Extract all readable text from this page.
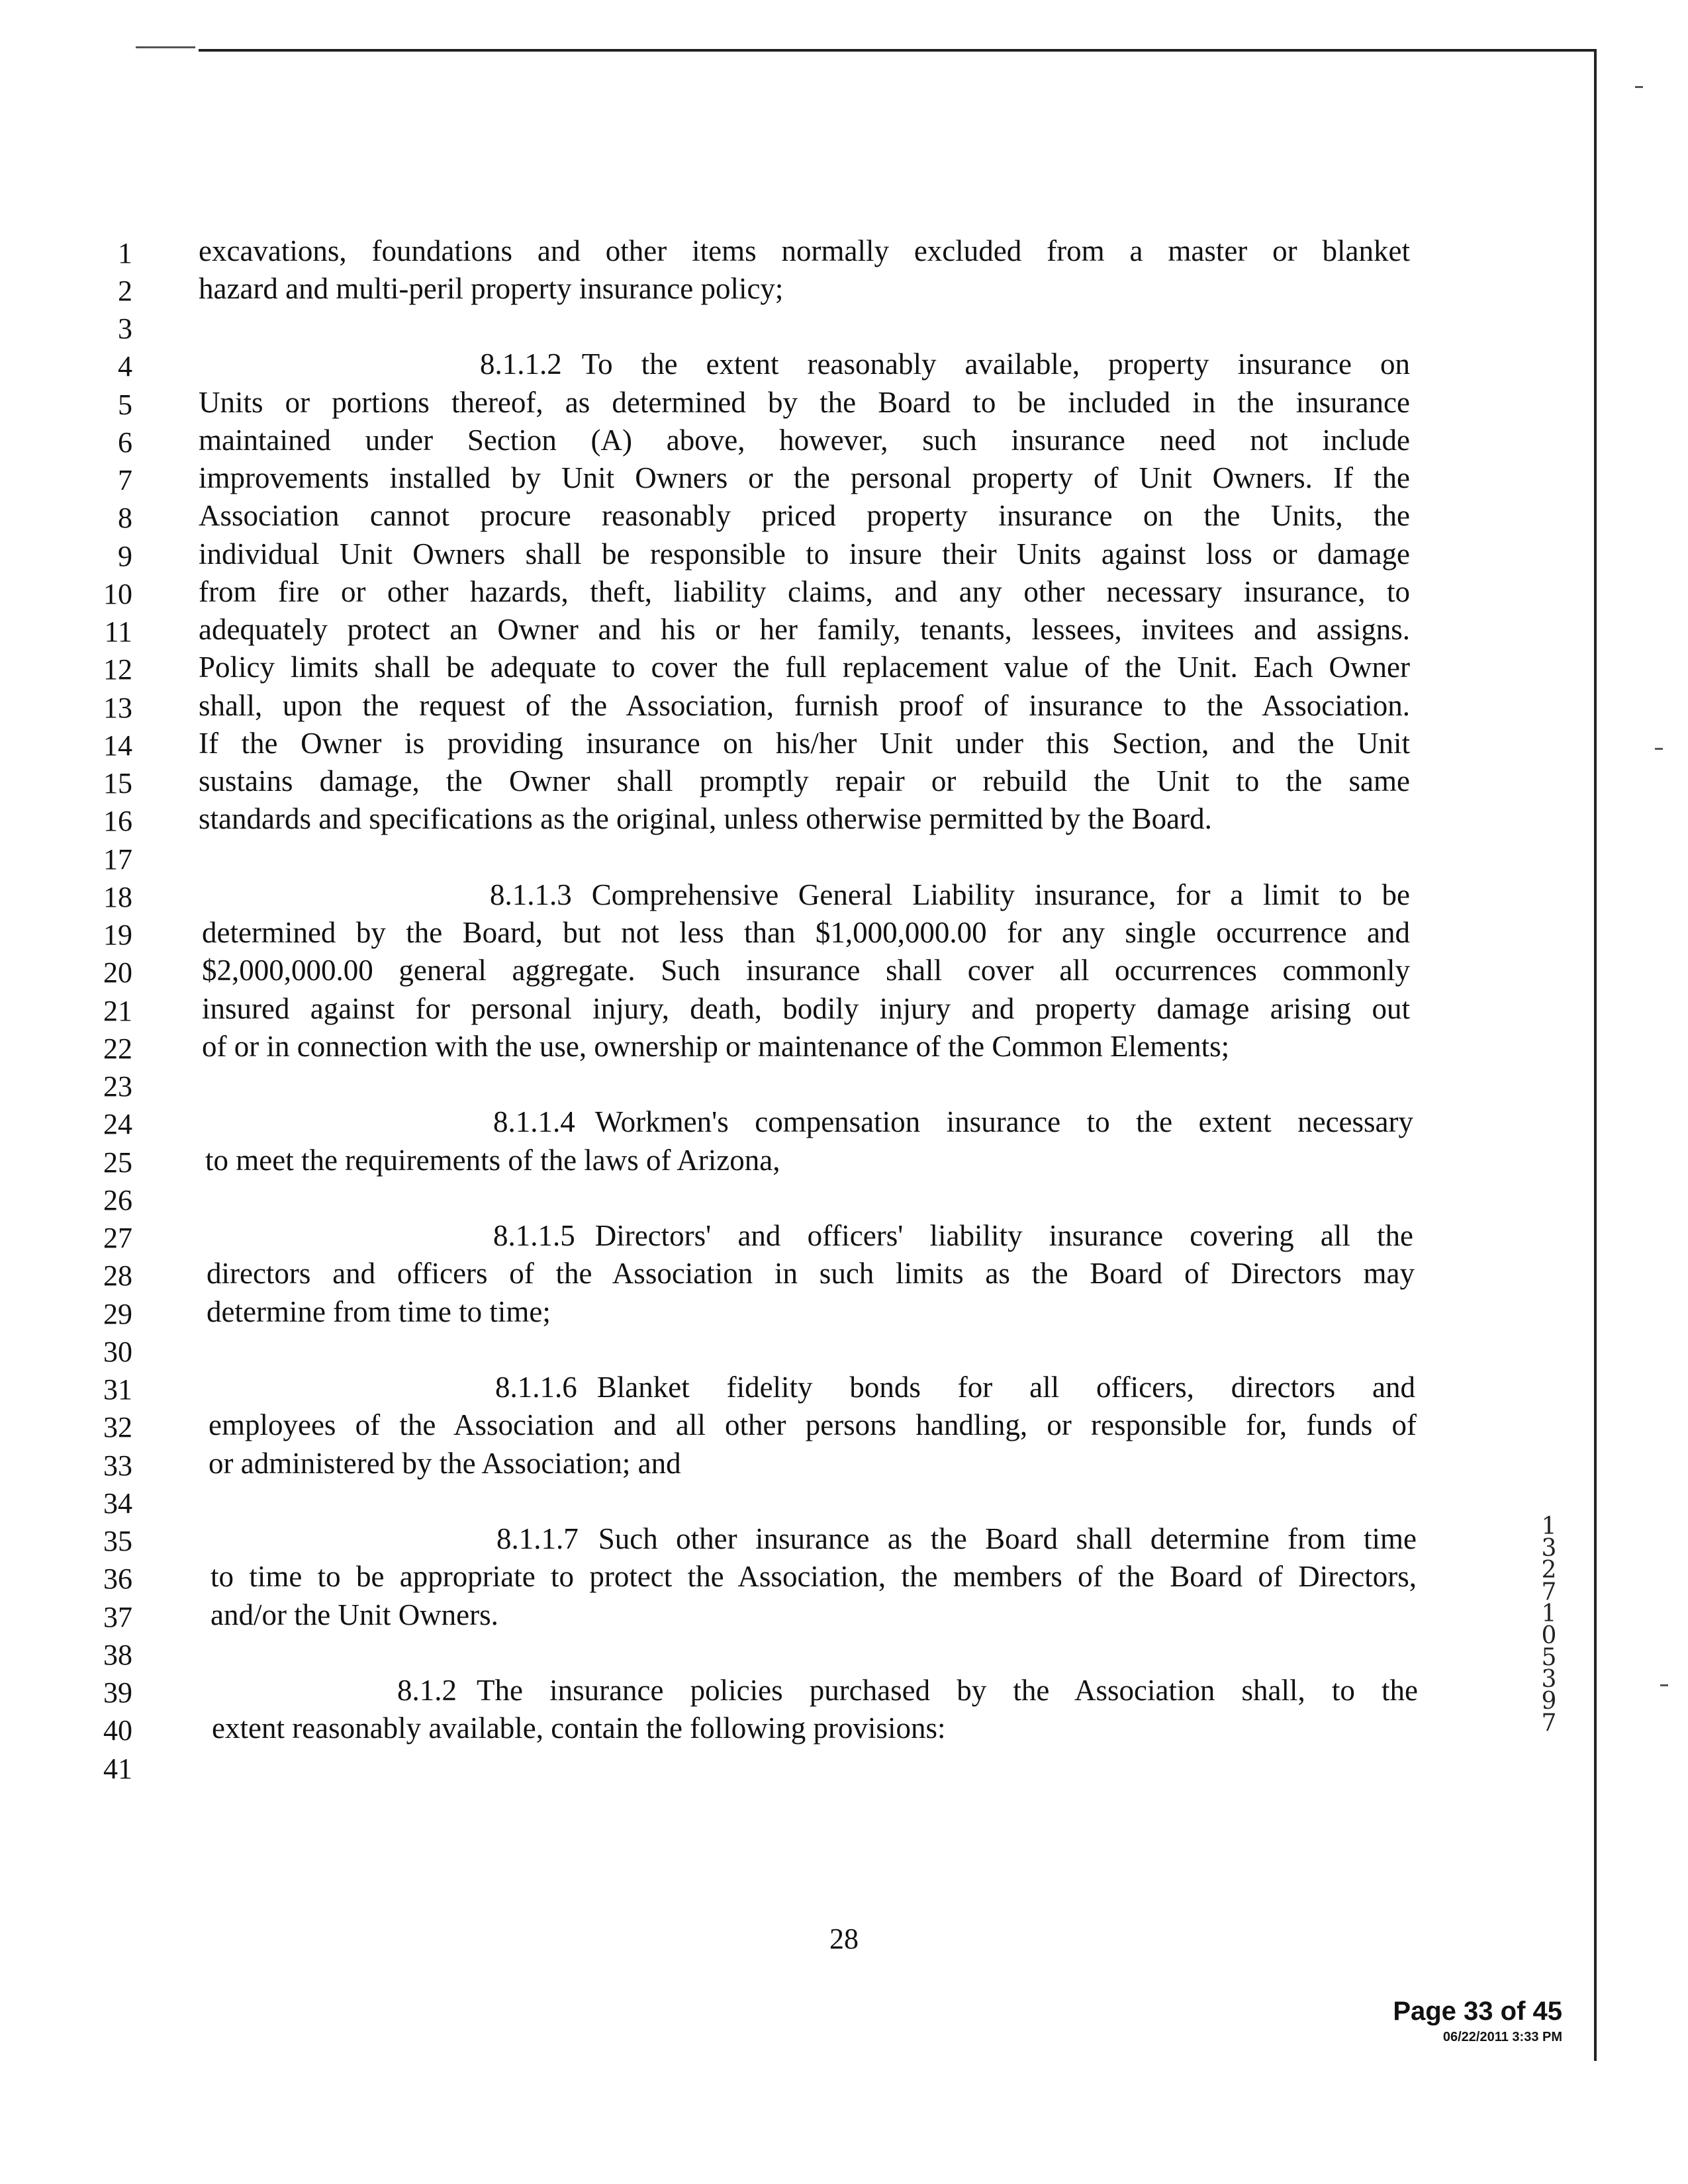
1
2
3
4
5
6
7
8
9
10
11
12
13
14
15
16
17
18
19
20
21
22
23
24
25
26
27
28
29
30
31
32
33
34
35
36
37
38
39
40
41
excavations, foundations and other items normally excluded from a master or blanket
hazard and multi-peril property insurance policy;
8.1.1.2 To the extent reasonably available, property insurance on
Units or portions thereof, as determined by the Board to be included in the insurance
maintained under Section (A) above, however, such insurance need not include
improvements installed by Unit Owners or the personal property of Unit Owners. If the
Association cannot procure reasonably priced property insurance on the Units, the
individual Unit Owners shall be responsible to insure their Units against loss or damage
from fire or other hazards, theft, liability claims, and any other necessary insurance, to
adequately protect an Owner and his or her family, tenants, lessees, invitees and assigns.
Policy limits shall be adequate to cover the full replacement value of the Unit. Each Owner
shall, upon the request of the Association, furnish proof of insurance to the Association.
If the Owner is providing insurance on his/her Unit under this Section, and the Unit
sustains damage, the Owner shall promptly repair or rebuild the Unit to the same
standards and specifications as the original, unless otherwise permitted by the Board.
8.1.1.3 Comprehensive General Liability insurance, for a limit to be
determined by the Board, but not less than $1,000,000.00 for any single occurrence and
$2,000,000.00 general aggregate. Such insurance shall cover all occurrences commonly
insured against for personal injury, death, bodily injury and property damage arising out
of or in connection with the use, ownership or maintenance of the Common Elements;
8.1.1.4 Workmen's compensation insurance to the extent necessary
to meet the requirements of the laws of Arizona,
8.1.1.5 Directors' and officers' liability insurance covering all the
directors and officers of the Association in such limits as the Board of Directors may
determine from time to time;
8.1.1.6 Blanket fidelity bonds for all officers, directors and
employees of the Association and all other persons handling, or responsible for, funds of
or administered by the Association; and
8.1.1.7 Such other insurance as the Board shall determine from time
to time to be appropriate to protect the Association, the members of the Board of Directors,
and/or the Unit Owners.
8.1.2 The insurance policies purchased by the Association shall, to the
extent reasonably available, contain the following provisions:
28
Page 33 of 45
06/22/2011 3:33 PM
13271 05397
